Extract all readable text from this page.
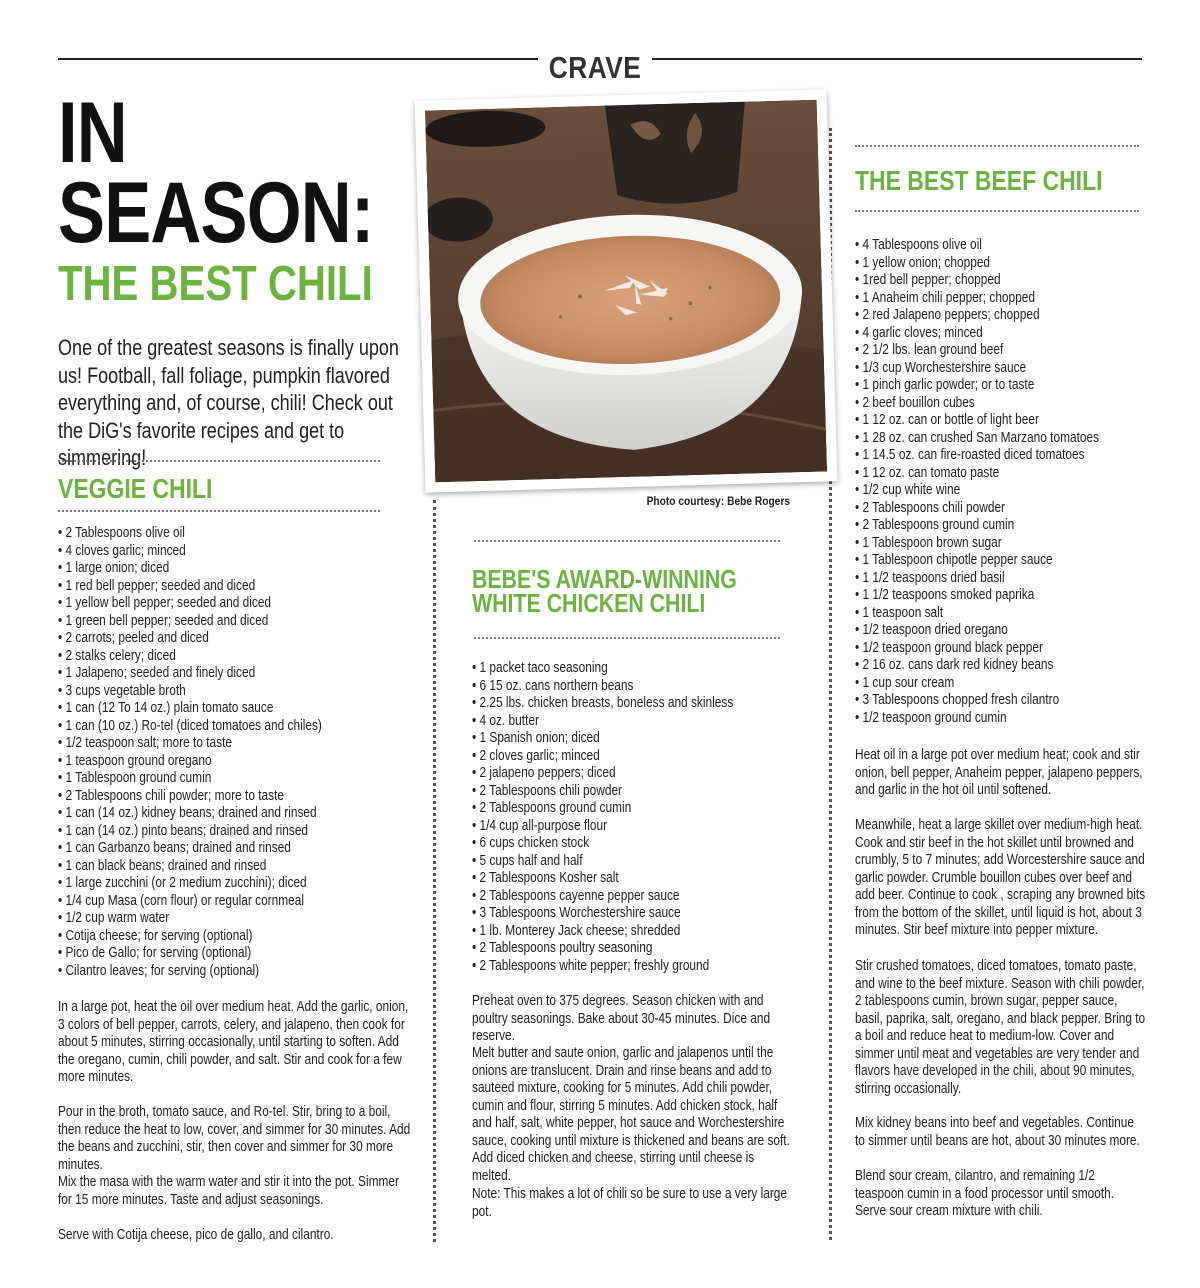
CRAVE
IN
SEASON:
THE BEST CHILI
One of the greatest seasons is finally upon us! Football, fall foliage, pumpkin flavored everything and, of course, chili! Check out the DiG's favorite recipes and get to simmering!
VEGGIE CHILI
• 2 Tablespoons olive oil
• 4 cloves garlic; minced
• 1 large onion; diced
• 1 red bell pepper; seeded and diced
• 1 yellow bell pepper; seeded and diced
• 1 green bell pepper; seeded and diced
• 2 carrots; peeled and diced
• 2 stalks celery; diced
• 1 Jalapeno; seeded and finely diced
• 3 cups vegetable broth
• 1 can (12 To 14 oz.) plain tomato sauce
• 1 can (10 oz.) Ro-tel (diced tomatoes and chiles)
• 1/2 teaspoon salt; more to taste
• 1 teaspoon ground oregano
• 1 Tablespoon ground cumin
• 2 Tablespoons chili powder; more to taste
• 1 can (14 oz.) kidney beans; drained and rinsed
• 1 can (14 oz.) pinto beans; drained and rinsed
• 1 can Garbanzo beans; drained and rinsed
• 1 can black beans; drained and rinsed
• 1 large zucchini (or 2 medium zucchini); diced
• 1/4 cup Masa (corn flour) or regular cornmeal
• 1/2 cup warm water
• Cotija cheese; for serving (optional)
• Pico de Gallo; for serving (optional)
• Cilantro leaves; for serving (optional)

In a large pot, heat the oil over medium heat. Add the garlic, onion, 3 colors of bell pepper, carrots, celery, and jalapeno, then cook for about 5 minutes, stirring occasionally, until starting to soften. Add the oregano, cumin, chili powder, and salt. Stir and cook for a few more minutes.

Pour in the broth, tomato sauce, and Ro-tel. Stir, bring to a boil, then reduce the heat to low, cover, and simmer for 30 minutes. Add the beans and zucchini, stir, then cover and simmer for 30 more minutes.

Mix the masa with the warm water and stir it into the pot. Simmer for 15 more minutes. Taste and adjust seasonings.

Serve with Cotija cheese, pico de gallo, and cilantro.

Photo courtesy: Bebe Rogers
BEBE'S AWARD-WINNING
WHITE CHICKEN CHILI
• 1 packet taco seasoning
• 6 15 oz. cans northern beans
• 2.25 lbs. chicken breasts, boneless and skinless
• 4 oz. butter
• 1 Spanish onion; diced
• 2 cloves garlic; minced
• 2 jalapeno peppers; diced
• 2 Tablespoons chili powder
• 2 Tablespoons ground cumin
• 1/4 cup all-purpose flour
• 6 cups chicken stock
• 5 cups half and half
• 2 Tablespoons Kosher salt
• 2 Tablespoons cayenne pepper sauce
• 3 Tablespoons Worchestershire sauce
• 1 lb. Monterey Jack cheese; shredded
• 2 Tablespoons poultry seasoning
• 2 Tablespoons white pepper; freshly ground

Preheat oven to 375 degrees. Season chicken with and poultry seasonings. Bake about 30-45 minutes. Dice and reserve.

Melt butter and saute onion, garlic and jalapenos until the onions are translucent. Drain and rinse beans and add to sauteed mixture, cooking for 5 minutes. Add chili powder, cumin and flour, stirring 5 minutes. Add chicken stock, half and half, salt, white pepper, hot sauce and Worchestershire sauce, cooking until mixture is thickened and beans are soft. Add diced chicken and cheese, stirring until cheese is melted.

Note: This makes a lot of chili so be sure to use a very large pot.

THE BEST BEEF CHILI
• 4 Tablespoons olive oil
• 1 yellow onion; chopped
• 1red bell pepper; chopped
• 1 Anaheim chili pepper; chopped
• 2 red Jalapeno peppers; chopped
• 4 garlic cloves; minced
• 2 1/2 lbs. lean ground beef
• 1/3 cup Worchestershire sauce
• 1 pinch garlic powder; or to taste
• 2 beef bouillon cubes
• 1 12 oz. can or bottle of light beer
• 1 28 oz. can crushed San Marzano tomatoes
• 1 14.5 oz. can fire-roasted diced tomatoes
• 1 12 oz. can tomato paste
• 1/2 cup white wine
• 2 Tablespoons chili powder
• 2 Tablespoons ground cumin
• 1 Tablespoon brown sugar
• 1 Tablespoon chipotle pepper sauce
• 1 1/2 teaspoons dried basil
• 1 1/2 teaspoons smoked paprika
• 1 teaspoon salt
• 1/2 teaspoon dried oregano
• 1/2 teaspoon ground black pepper
• 2 16 oz. cans dark red kidney beans
• 1 cup sour cream
• 3 Tablespoons chopped fresh cilantro
• 1/2 teaspoon ground cumin

Heat oil in a large pot over medium heat; cook and stir onion, bell pepper, Anaheim pepper, jalapeno peppers, and garlic in the hot oil until softened.

Meanwhile, heat a large skillet over medium-high heat. Cook and stir beef in the hot skillet until browned and crumbly, 5 to 7 minutes; add Worcestershire sauce and garlic powder. Crumble bouillon cubes over beef and add beer. Continue to cook , scraping any browned bits from the bottom of the skillet, until liquid is hot, about 3 minutes. Stir beef mixture into pepper mixture.

Stir crushed tomatoes, diced tomatoes, tomato paste, and wine to the beef mixture. Season with chili powder, 2 tablespoons cumin, brown sugar, pepper sauce, basil, paprika, salt, oregano, and black pepper. Bring to a boil and reduce heat to medium-low. Cover and simmer until meat and vegetables are very tender and flavors have developed in the chili, about 90 minutes, stirring occasionally.

Mix kidney beans into beef and vegetables. Continue to simmer until beans are hot, about 30 minutes more.

Blend sour cream, cilantro, and remaining 1/2 teaspoon cumin in a food processor until smooth. Serve sour cream mixture with chili.
